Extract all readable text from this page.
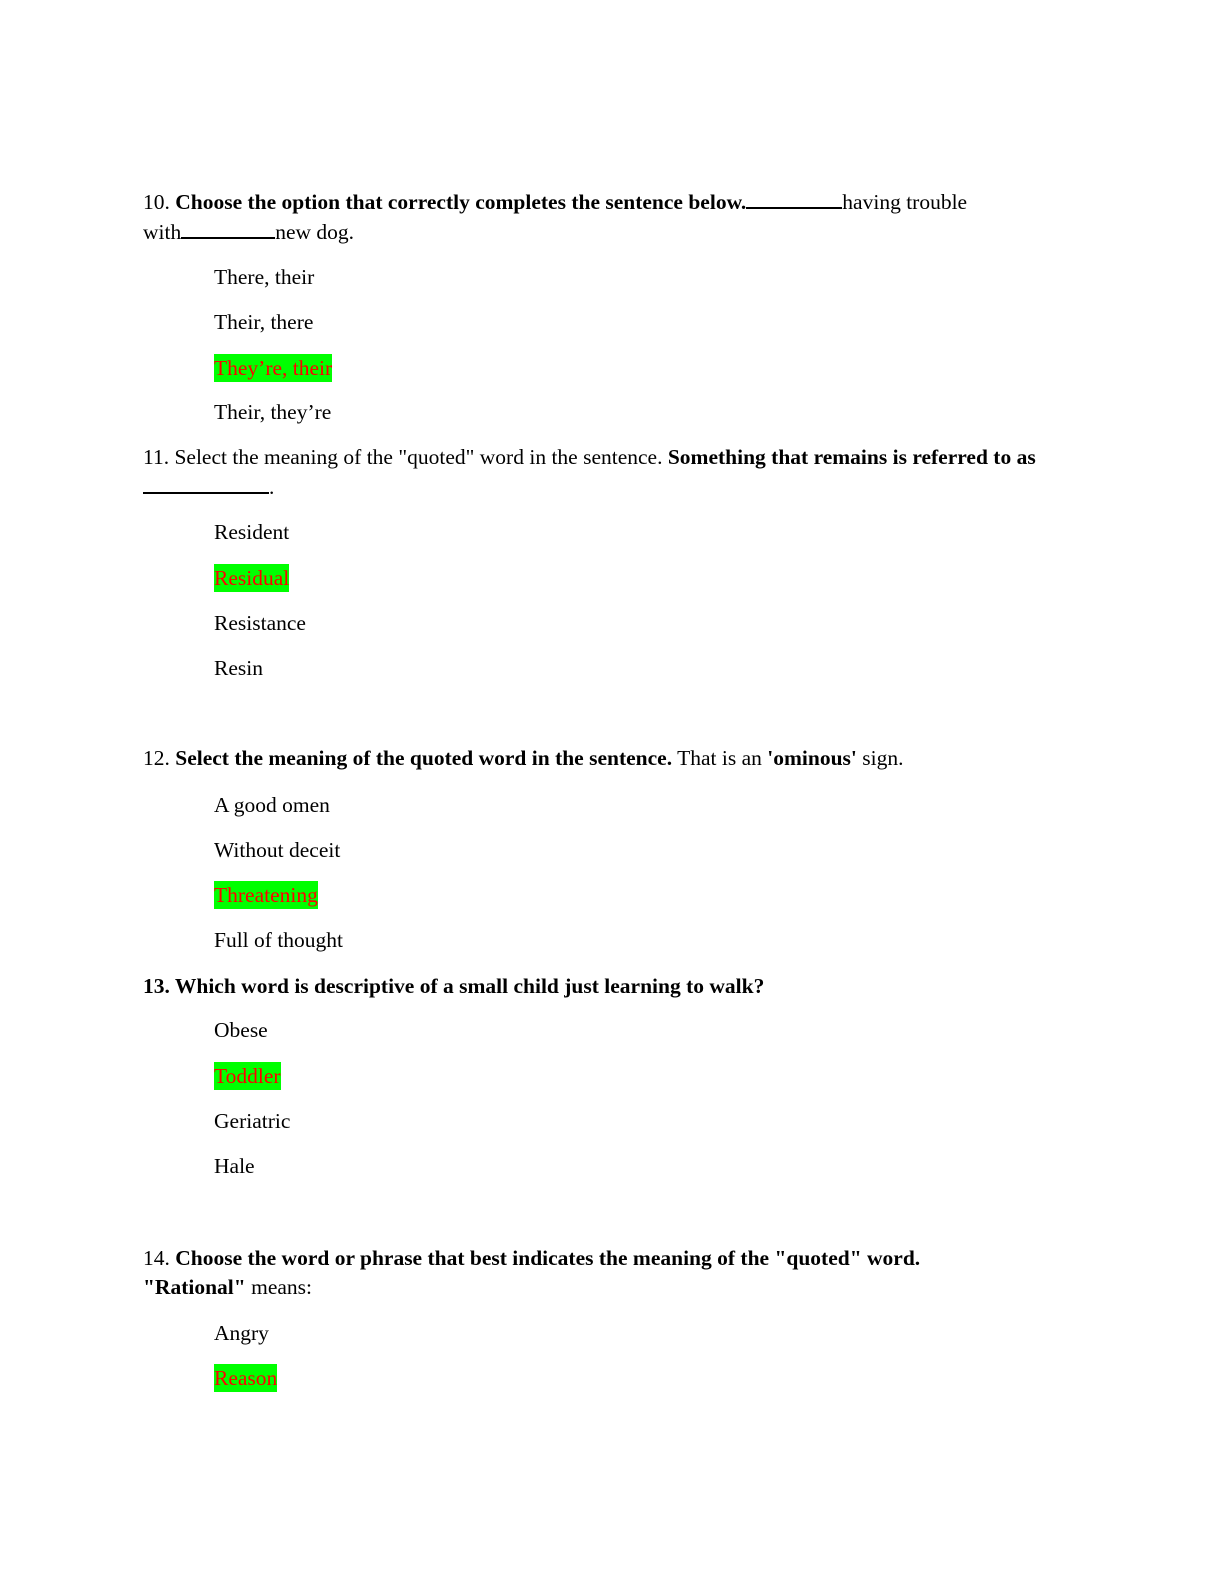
10. Choose the option that correctly completes the sentence below.	having trouble
with	new dog.

There, their
Their, there
They’re, their
Their, they’re

11. Select the meaning of the "quoted" word in the sentence. Something that remains is referred to as.

Resident
Residual
Resistance
Resin

12. Select the meaning of the quoted word in the sentence. That is an 'ominous' sign.

A good omen
Without deceit
Threatening
Full of thought

13. Which word is descriptive of a small child just learning to walk?

Obese
Toddler
Geriatric
Hale

14. Choose the word or phrase that best indicates the meaning of the "quoted" word.
"Rational" means:

Angry
Reason
